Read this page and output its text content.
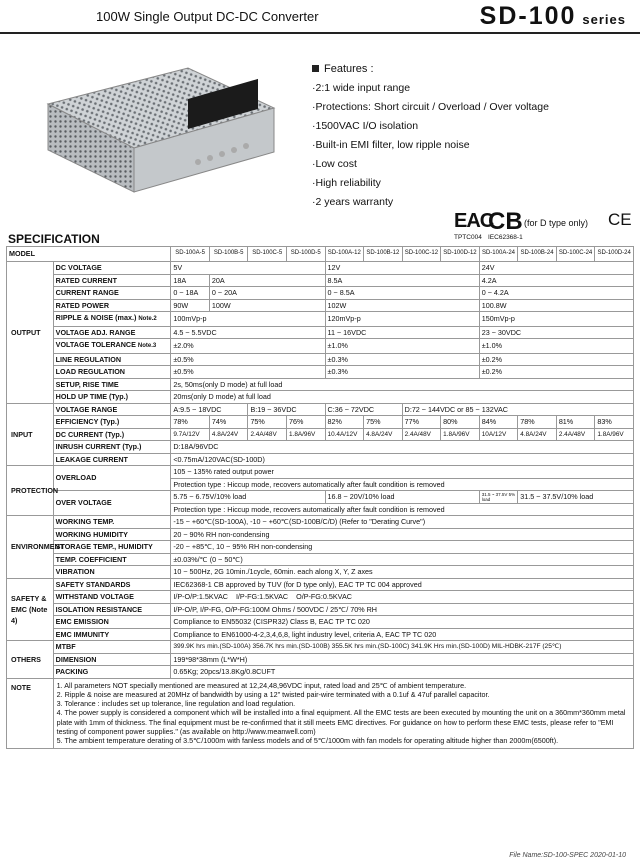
100W Single Output DC-DC Converter	SD-100 series
Features :
·2:1 wide input range
·Protections: Short circuit / Overload / Over voltage
·1500VAC I/O isolation
·Built-in EMI filter, low ripple noise
·Low cost
·High reliability
·2 years warranty
EAC
CB (for D type only) CE
TPTC004 IEC62368-1
SPECIFICATION
MODEL		SD-100A-5	SD-100B-5	SD-100C-5	SD-100D-5	SD-100A-12	SD-100B-12	SD-100C-12	SD-100D-12	SD-100A-24	SD-100B-24	SD-100C-24	SD-100D-24
OUTPUT	DC VOLTAGE	5V				12V				24V			
	RATED CURRENT	18A	20A			8.5A				4.2A			
	CURRENT RANGE	0 ~ 18A	0 ~ 20A			0 ~ 8.5A				0 ~ 4.2A			
	RATED POWER	90W	100W			102W				100.8W			
	RIPPLE & NOISE (max.) Note.2	100mVp-p				120mVp-p				150mVp-p			
	VOLTAGE ADJ. RANGE	4.5 ~ 5.5VDC				11 ~ 16VDC				23 ~ 30VDC			
	VOLTAGE TOLERANCE Note.3	±2.0%				±1.0%				±1.0%			
	LINE REGULATION	±0.5%				±0.3%				±0.2%			
	LOAD REGULATION	±0.5%				±0.3%				±0.2%			
	SETUP, RISE TIME	2s, 50ms(only D mode) at full load											
	HOLD UP TIME (Typ.)	20ms(only D mode) at full load											
INPUT	VOLTAGE RANGE	A:9.5 ~ 18VDC		B:19 ~ 36VDC		C:36 ~ 72VDC		D:72 ~ 144VDC or 85 ~ 132VAC					
	EFFICIENCY (Typ.)	78%	74%	75%	76%	82%	75%	77%	80%	84%	78%	81%	83%
	DC CURRENT (Typ.)	9.7A/12V	4.8A/24V	2.4A/48V	1.8A/96V	10.4A/12V	4.8A/24V	2.4A/48V	1.8A/96V	10A/12V	4.8A/24V	2.4A/48V	1.8A/96V
	INRUSH CURRENT (Typ.)	D:18A/96VDC											
	LEAKAGE CURRENT	<0.75mA/120VAC(SD-100D)											
PROTECTION	OVERLOAD	105 ~ 135% rated output power											
		Protection type : Hiccup mode, recovers automatically after fault condition is removed											
	OVER VOLTAGE	5.75 ~ 6.75V/10% load				16.8 ~ 20V/10% load				31.5 ~ 37.5V 5% load	31.5 ~ 37.5V/10% load		
		Protection type : Hiccup mode, recovers automatically after fault condition is removed											
ENVIRONMENT	WORKING TEMP.	-15 ~ +60℃(SD-100A), -10 ~ +60℃(SD-100B/C/D) (Refer to "Derating Curve")											
	WORKING HUMIDITY	20 ~ 90% RH non-condensing											
	STORAGE TEMP., HUMIDITY	-20 ~ +85℃, 10 ~ 95% RH non-condensing											
	TEMP. COEFFICIENT	±0.03%/℃ (0 ~ 50℃)											
	VIBRATION	10 ~ 500Hz, 2G 10min./1cycle, 60min. each along X, Y, Z axes											
SAFETY & EMC (Note 4)	SAFETY STANDARDS	IEC62368-1 CB approved by TUV (for D type only), EAC TP TC 004 approved											
	WITHSTAND VOLTAGE	I/P-O/P:1.5KVAC I/P-FG:1.5KVAC O/P-FG:0.5KVAC											
	ISOLATION RESISTANCE	I/P-O/P, I/P-FG, O/P-FG:100M Ohms / 500VDC / 25℃/ 70% RH											
	EMC EMISSION	Compliance to EN55032 (CISPR32) Class B, EAC TP TC 020											
	EMC IMMUNITY	Compliance to EN61000-4-2,3,4,6,8, light industry level, criteria A, EAC TP TC 020											
OTHERS	MTBF	399.9K hrs min.(SD-100A) 356.7K hrs min.(SD-100B) 355.5K hrs min.(SD-100C) 341.9K Hrs min.(SD-100D) MIL-HDBK-217F (25℃)											
	DIMENSION	199*98*38mm (L*W*H)											
	PACKING	0.65Kg; 20pcs/13.8Kg/0.8CUFT											
NOTE	1. All parameters NOT specially mentioned are measured at 12,24,48,96VDC input, rated load and 25℃ of ambient temperature.
2. Ripple & noise are measured at 20MHz of bandwidth by using a 12" twisted pair-wire terminated with a 0.1uf & 47uf parallel capacitor.
3. Tolerance : includes set up tolerance, line regulation and load regulation.
4. The power supply is considered a component which will be installed into a final equipment. All the EMC tests are been executed by mounting the unit on a 360mm*360mm metal plate with 1mm of thickness. The final equipment must be re-confirmed that it still meets EMC directives. For guidance on how to perform these EMC tests, please refer to "EMI testing of component power supplies." (as available on http://www.meanwell.com)
5. The ambient temperature derating of 3.5℃/1000m with fanless models and of 5℃/1000m with fan models for operating altitude higher than 2000m(6500ft).												
File Name:SD-100-SPEC 2020-01-10
